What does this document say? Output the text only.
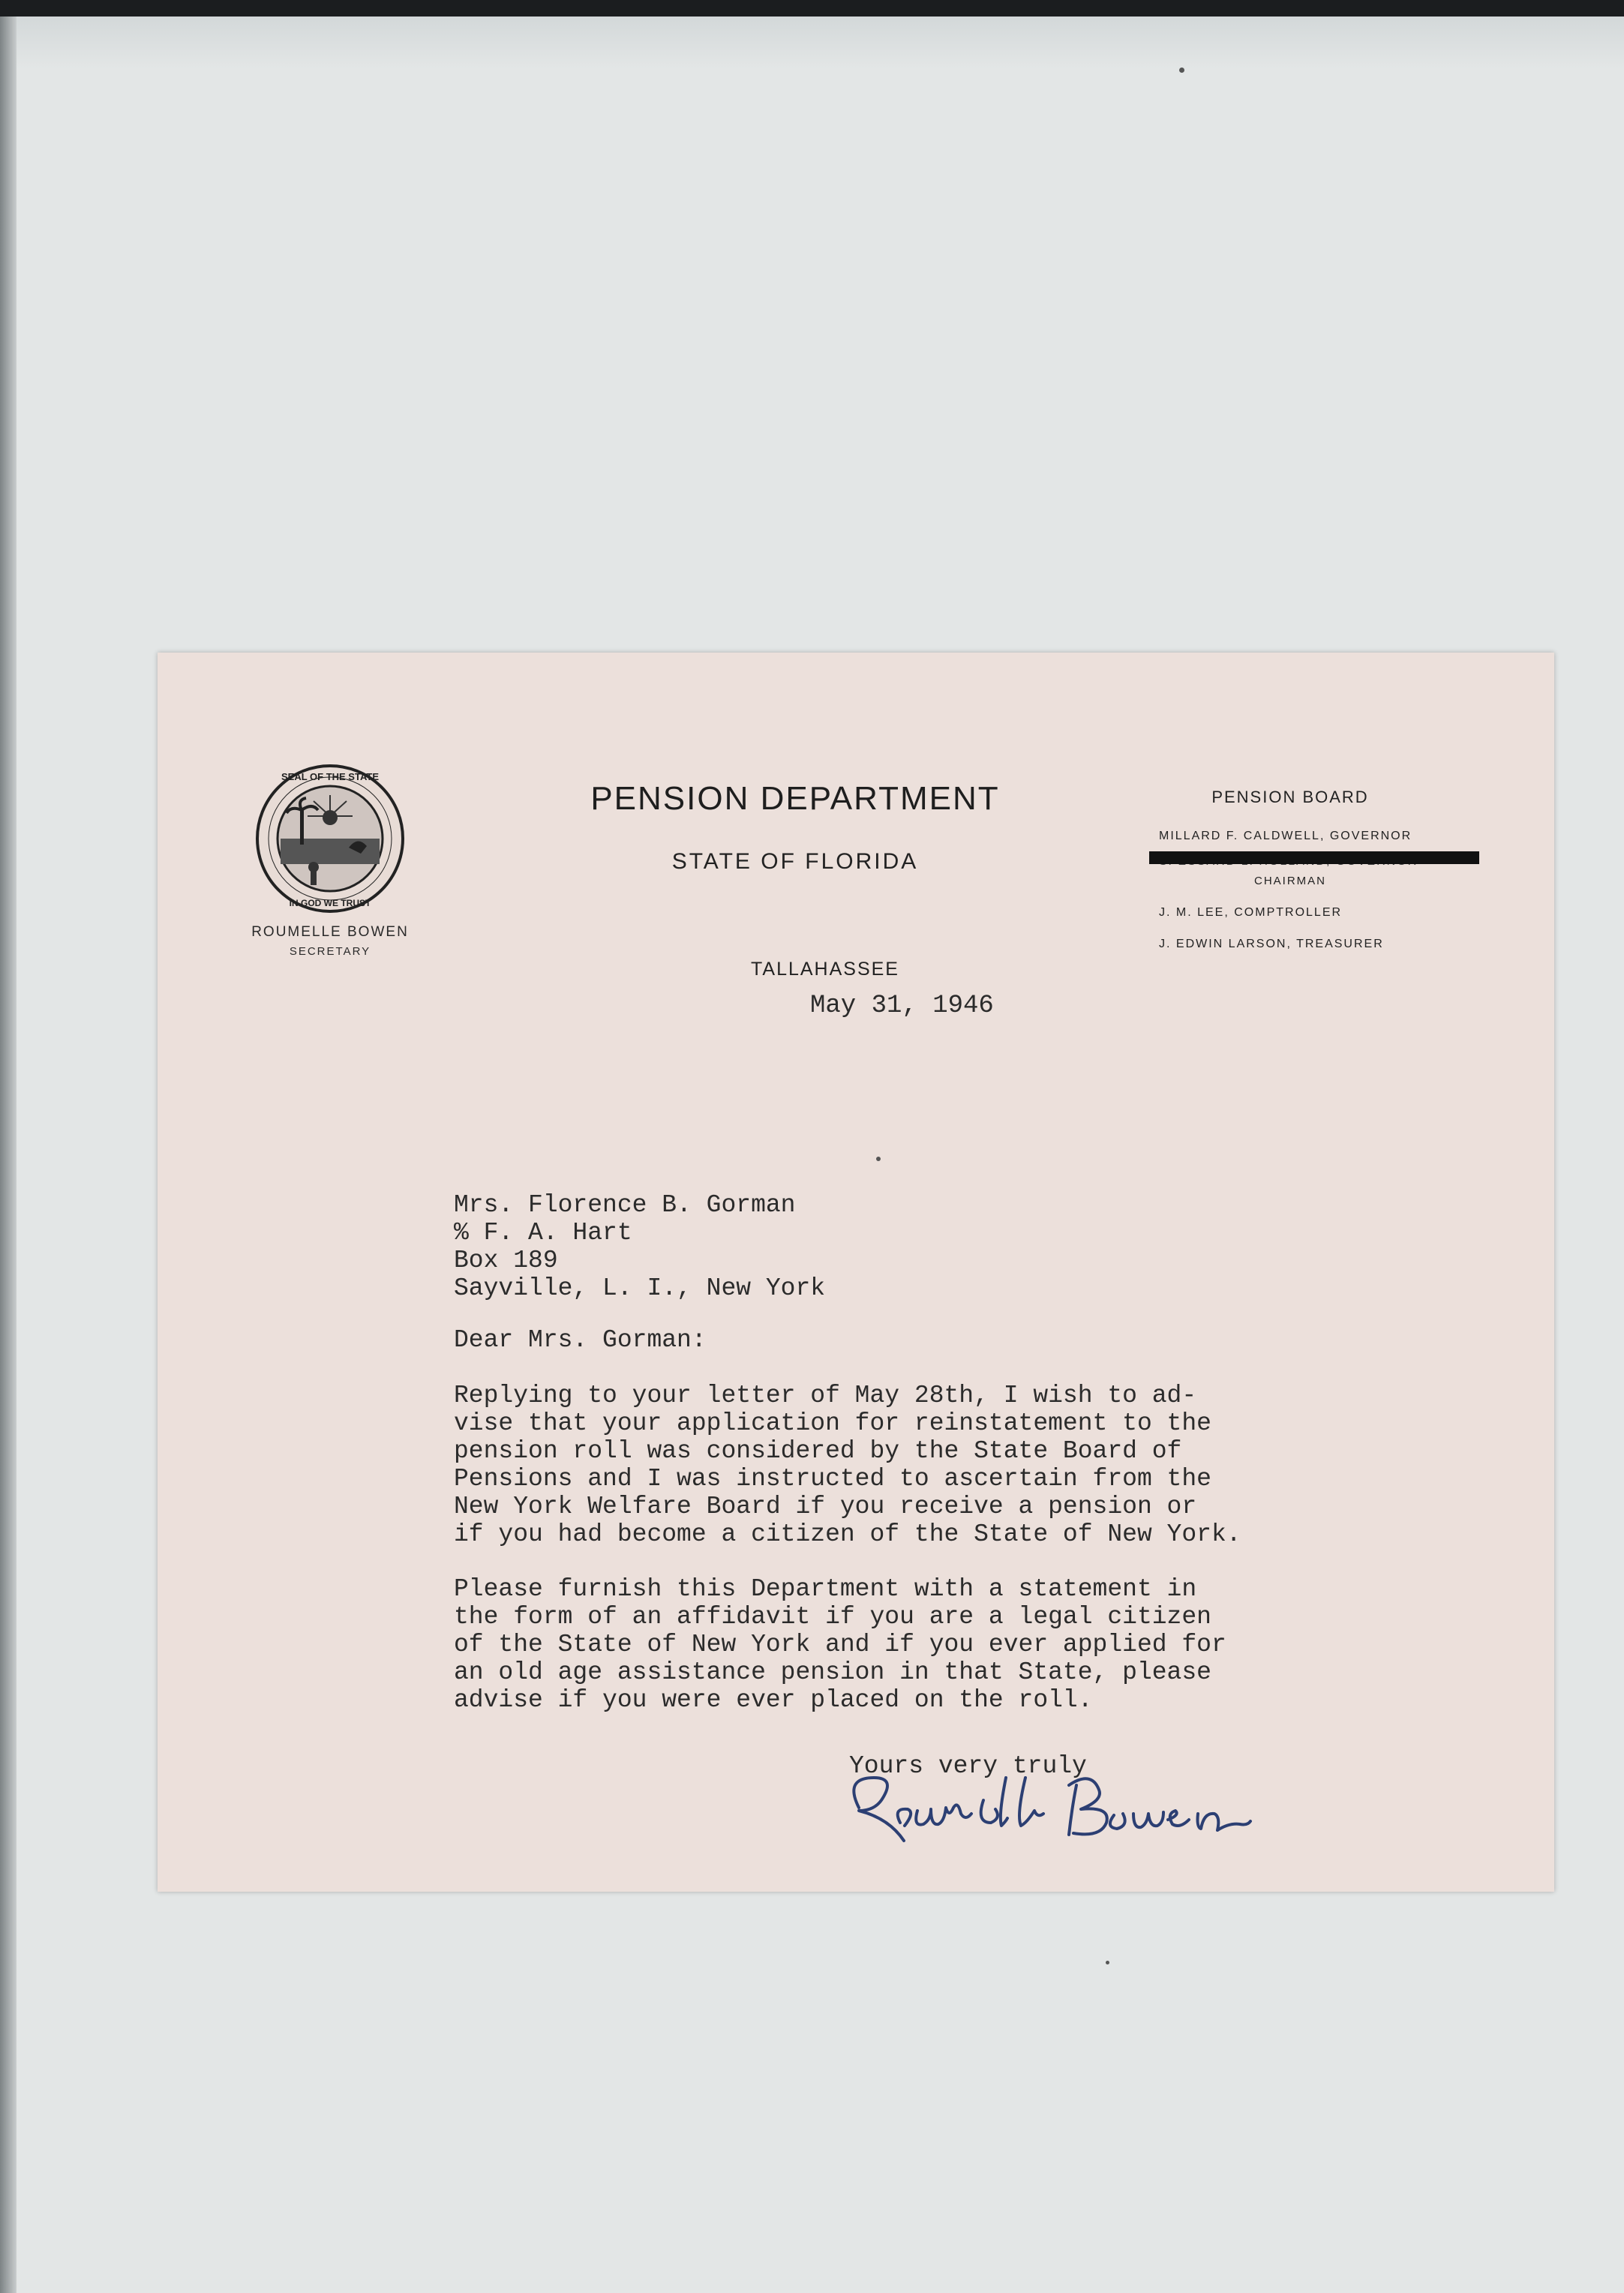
SEAL OF THE STATE
IN GOD WE TRUST
ROUMELLE BOWEN
SECRETARY
PENSION DEPARTMENT
STATE OF FLORIDA
TALLAHASSEE
May 31, 1946
PENSION BOARD
MILLARD F. CALDWELL, GOVERNOR
CHAIRMAN
J. M. LEE, COMPTROLLER
J. EDWIN LARSON, TREASURER
Mrs. Florence B. Gorman
% F. A. Hart
Box 189
Sayville, L. I., New York
Dear Mrs. Gorman:
Replying to your letter of May 28th, I wish to ad-
vise that your application for reinstatement to the
pension roll was considered by the State Board of
Pensions and I was instructed to ascertain from the
New York Welfare Board if you receive a pension or
if you had become a citizen of the State of New York.
Please furnish this Department with a statement in
the form of an affidavit if you are a legal citizen
of the State of New York and if you ever applied for
an old age assistance pension in that State, please
advise if you were ever placed on the roll.
Yours very truly
